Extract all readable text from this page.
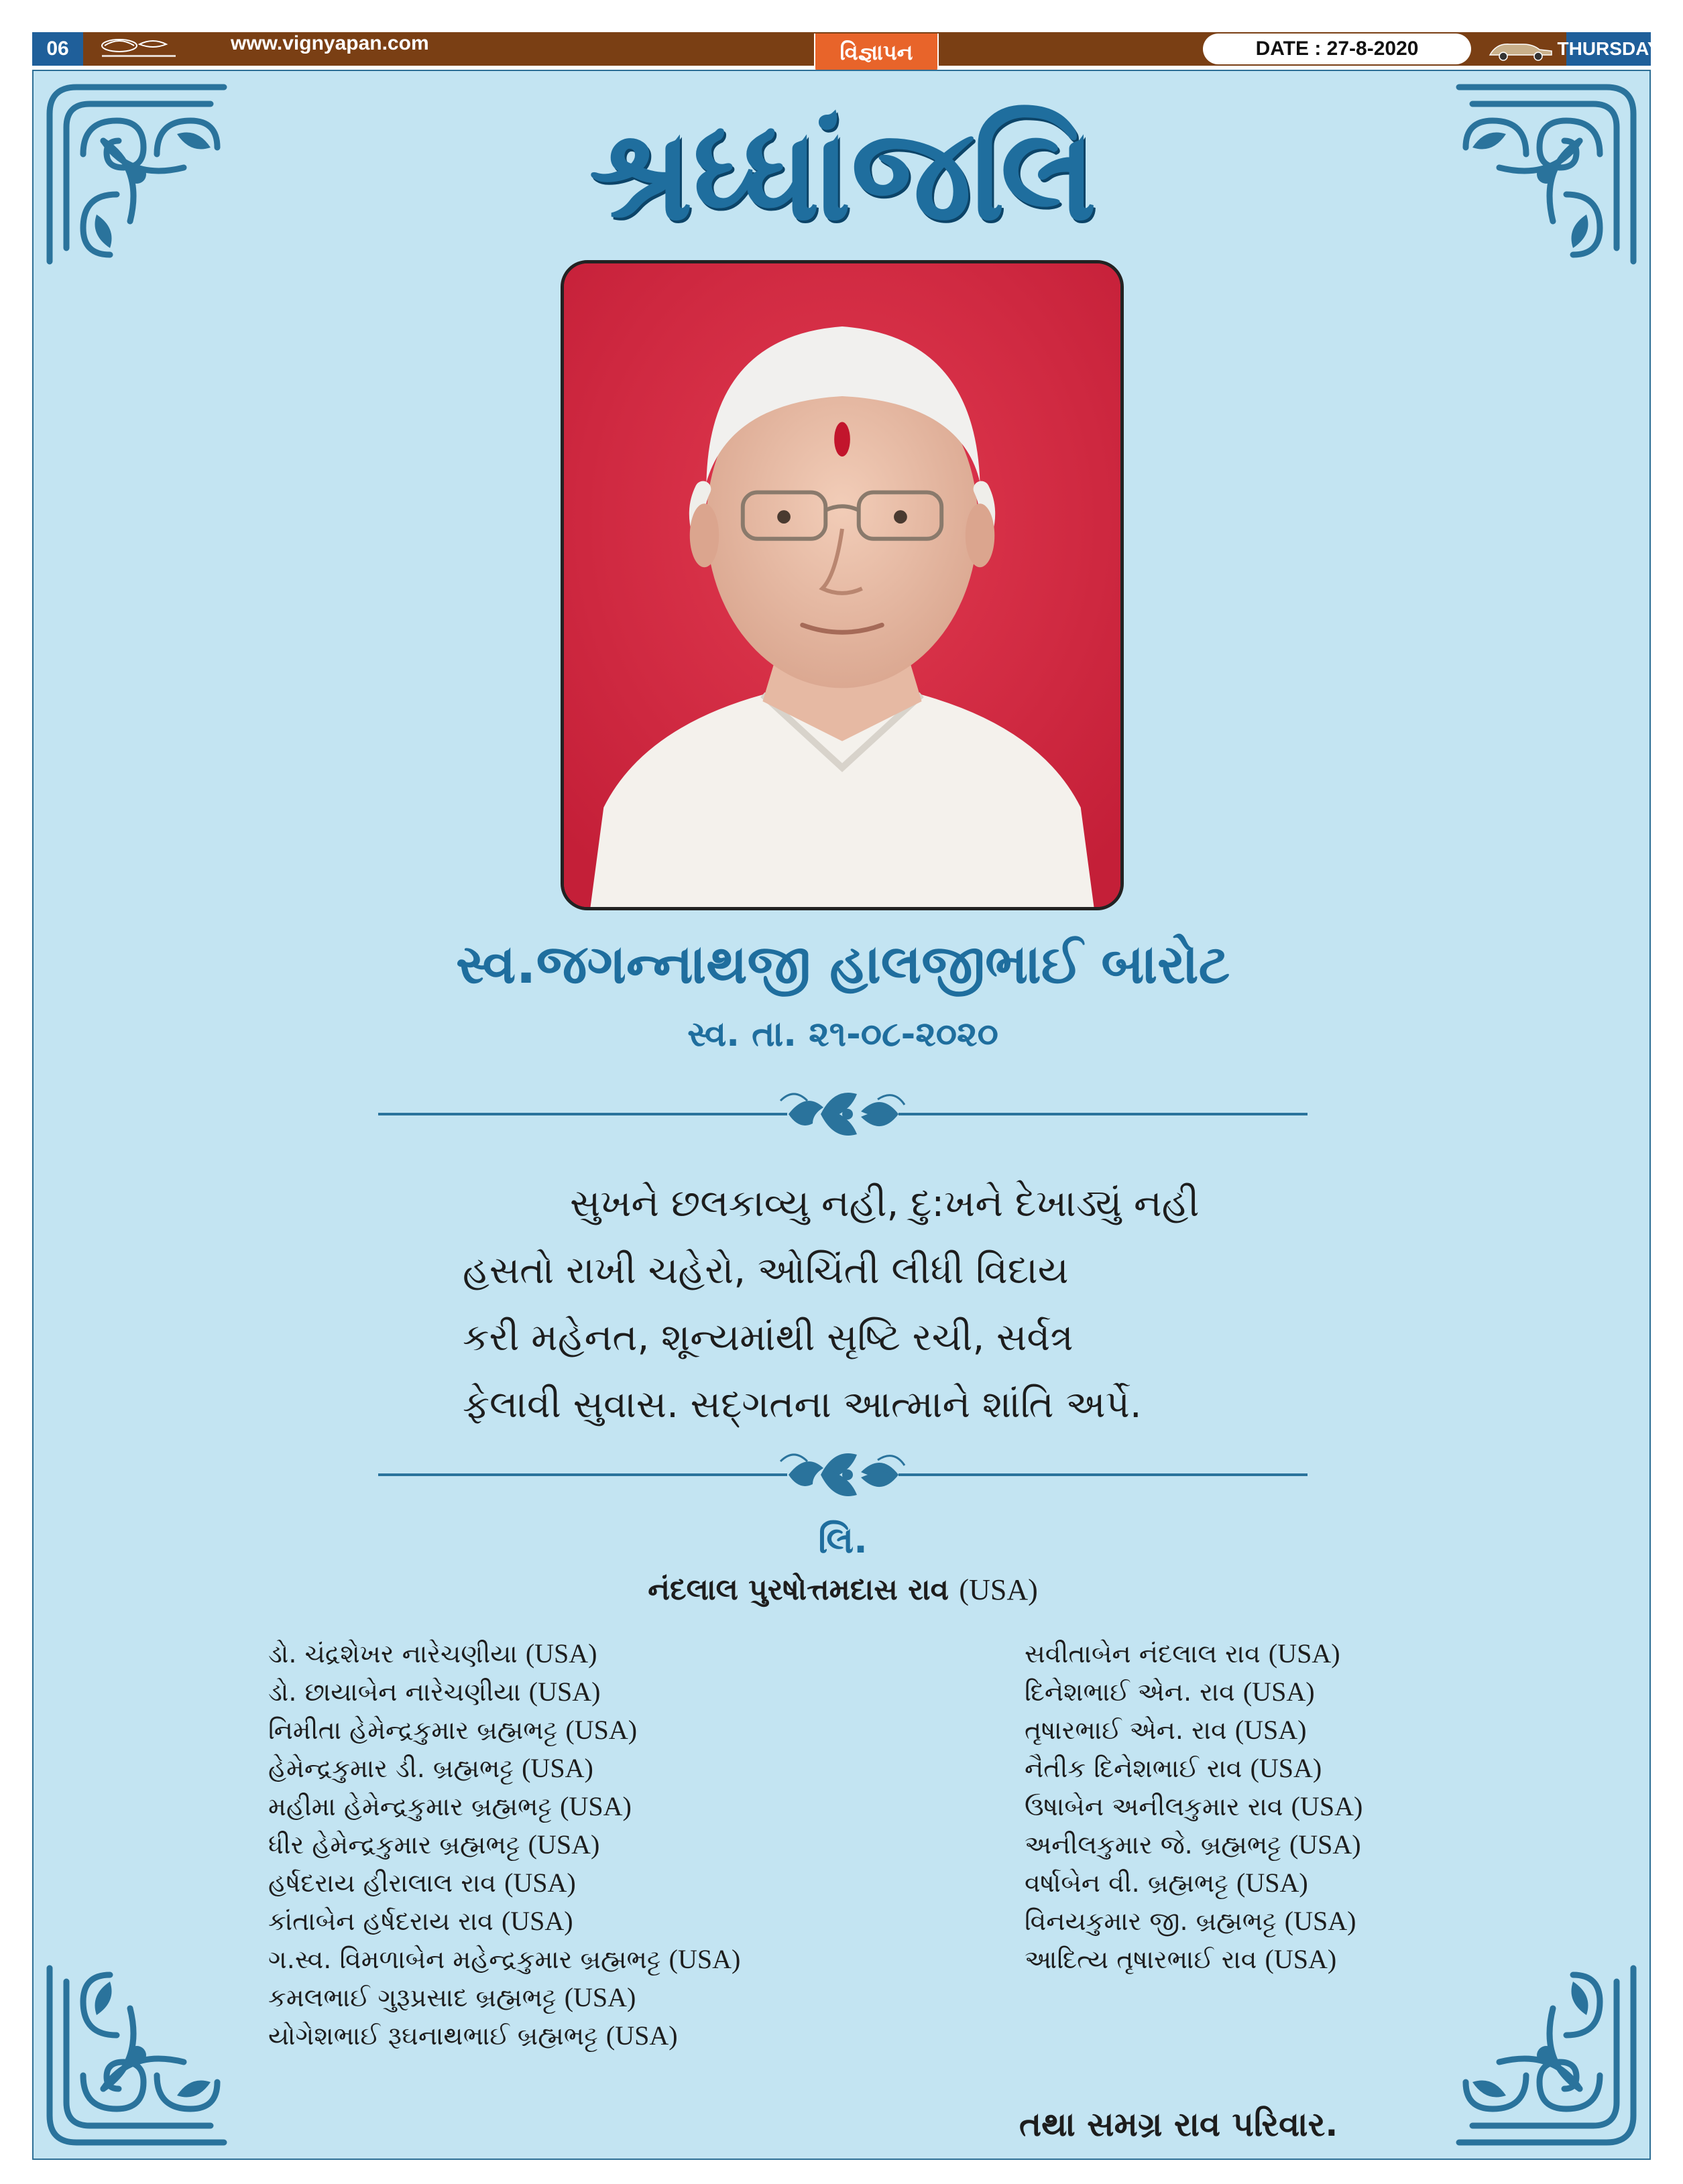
06	www.vignyapan.com	વિજ્ઞાપન	DATE : 27-8-2020	THURSDAY
શ્રધ્ધાંજલિ
સ્વ.જગન્નાથજી હાલજીભાઈ બારોટ
સ્વ. તા. ૨૧-૦૮-૨૦૨૦
સુખને છલકાવ્યુ નહી, દુ:ખને દેખાડ્યું નહી
હસતો રાખી ચહેરો, ઓચિંતી લીધી વિદાય
કરી મહેનત, શૂન્યમાંથી સૃષ્ટિ રચી, સર્વત્ર
ફેલાવી સુવાસ. સદ્‌ગતના આત્માને શાંતિ અર્પે.
લિ.
નંદલાલ પુરષોત્તમદાસ રાવ (USA)
ડો. ચંદ્રશેખર નારેચણીયા (USA)
ડો. છાયાબેન નારેચણીયા (USA)
નિમીતા હેમેન્દ્રકુમાર બ્રહ્મભટ્ટ (USA)
હેમેન્દ્રકુમાર ડી. બ્રહ્મભટ્ટ (USA)
મહીમા હેમેન્દ્રકુમાર બ્રહ્મભટ્ટ (USA)
ધીર હેમેન્દ્રકુમાર બ્રહ્મભટ્ટ (USA)
હર્ષદરાય હીરાલાલ રાવ (USA)
કાંતાબેન હર્ષદરાય રાવ (USA)
ગ.સ્વ. વિમળાબેન મહેન્દ્રકુમાર બ્રહ્મભટ્ટ (USA)
કમલભાઈ ગુરૂપ્રસાદ બ્રહ્મભટ્ટ (USA)
યોગેશભાઈ રૂઘનાથભાઈ બ્રહ્મભટ્ટ (USA)
સવીતાબેન નંદલાલ રાવ (USA)
દિનેશભાઈ એન. રાવ (USA)
તૃષારભાઈ એન. રાવ (USA)
નૈતીક દિનેશભાઈ રાવ (USA)
ઉષાબેન અનીલકુમાર રાવ (USA)
અનીલકુમાર જે. બ્રહ્મભટ્ટ (USA)
વર્ષાબેન વી. બ્રહ્મભટ્ટ (USA)
વિનયકુમાર જી. બ્રહ્મભટ્ટ (USA)
આદિત્ય તૃષારભાઈ રાવ (USA)
તથા સમગ્ર રાવ પરિવાર.
